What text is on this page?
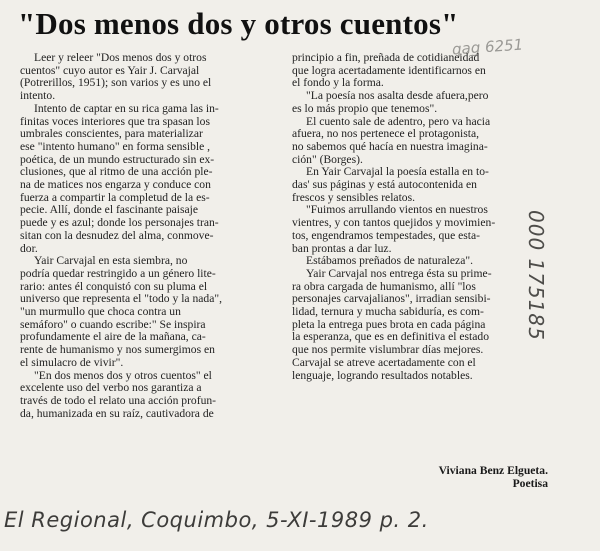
"Dos menos dos y otros cuentos"
qag 6251

Leer y releer "Dos menos dos y otros
cuentos" cuyo autor es Yair J. Carvajal
(Potrerillos, 1951); son varios y es uno el
intento.

Intento de captar en su rica gama las in-
finitas voces interiores que tra spasan los
umbrales conscientes, para materializar
ese "intento humano" en forma sensible ,
poética, de un mundo estructurado sin ex-
clusiones, que al ritmo de una acción ple-
na de matices nos engarza y conduce con
fuerza a compartir la completud de la es-
pecie. Allí, donde el fascinante paisaje
puede y es azul; donde los personajes tran-
sitan con la desnudez del alma, conmove-
dor.

Yair Carvajal en esta siembra, no
podría quedar restringido a un género lite-
rario: antes él conquistó con su pluma el
universo que representa el "todo y la nada",
"un murmullo que choca contra un
semáforo" o cuando escribe:" Se inspira
profundamente el aire de la mañana, ca-
rente de humanismo y nos sumergimos en
el simulacro de vivir".

"En dos menos dos y otros cuentos" el
excelente uso del verbo nos garantiza a
través de todo el relato una acción profun-
da, humanizada en su raíz, cautivadora de

principio a fin, preñada de cotidianeidad
que logra acertadamente identificarnos en
el fondo y la forma.

"La poesía nos asalta desde afuera,pero
es lo más propio que tenemos".

El cuento sale de adentro, pero va hacia
afuera, no nos pertenece el protagonista,
no sabemos qué hacía en nuestra imagina-
ción" (Borges).

En Yair Carvajal la poesía estalla en to-
das' sus páginas y está autocontenida en
frescos y sensibles relatos.

"Fuimos arrullando vientos en nuestros
vientres, y con tantos quejidos y movimien-
tos, engendramos tempestades, que esta-
ban prontas a dar luz.

Estábamos preñados de naturaleza".

Yair Carvajal nos entrega ésta su prime-
ra obra cargada de humanismo, allí "los
personajes carvajalianos", irradian sensibi-
lidad, ternura y mucha sabiduría, es com-
pleta la entrega pues brota en cada página
la esperanza, que es en definitiva el estado
que nos permite vislumbrar días mejores.
Carvajal se atreve acertadamente con el
lenguaje, logrando resultados notables.

Viviana Benz Elgueta.
Poetisa
000 175185
El Regional, Coquimbo, 5-XI-1989 p. 2.
